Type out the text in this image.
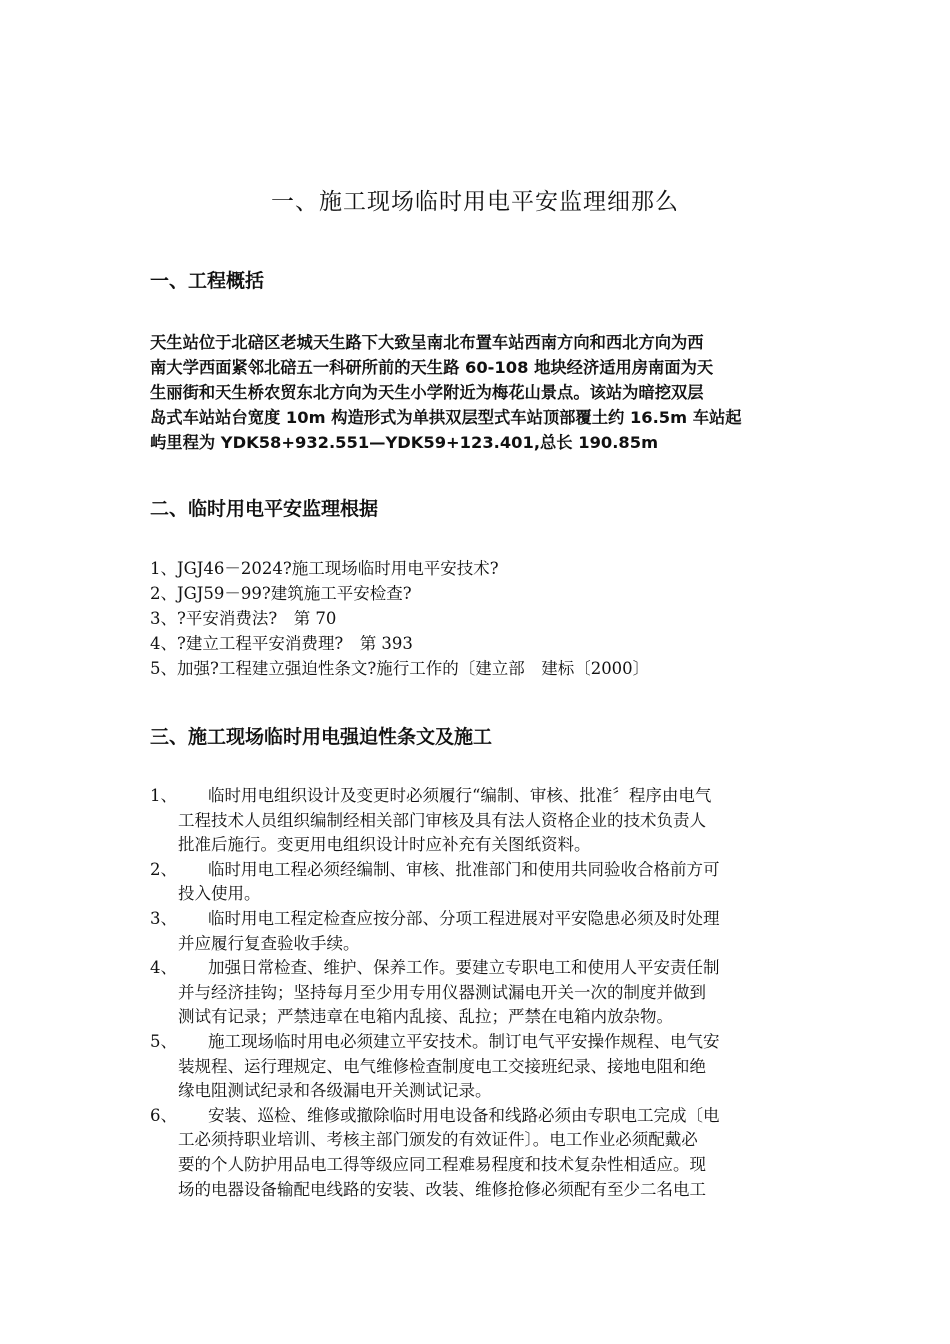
一、施工现场临时用电平安监理细那么
一、工程概括
天生站位于北碚区老城天生路下大致呈南北布置车站西南方向和西北方向为西
南大学西面紧邻北碚五一科研所前的天生路 60-108 地块经济适用房南面为天
生丽街和天生桥农贸东北方向为天生小学附近为梅花山景点。该站为暗挖双层
岛式车站站台宽度 10m 构造形式为单拱双层型式车站顶部覆土约 16.5m 车站起
屿里程为 YDK58+932.551—YDK59+123.401,总长 190.85m
二、临时用电平安监理根据
1、JGJ46－2024?施工现场临时用电平安技术?
2、JGJ59－99?建筑施工平安检查?
3、?平安消费法?　第 70
4、?建立工程平安消费理?　第 393
5、加强?工程建立强迫性条文?施行工作的〔建立部　建标〔2000〕
三、施工现场临时用电强迫性条文及施工
1、	临时用电组织设计及变更时必须履行“编制、审核、批准〞程序由电气
工程技术人员组织编制经相关部门审核及具有法人资格企业的技术负责人
批准后施行。变更用电组织设计时应补充有关图纸资料。
2、	临时用电工程必须经编制、审核、批准部门和使用共同验收合格前方可
投入使用。
3、	临时用电工程定检查应按分部、分项工程进展对平安隐患必须及时处理
并应履行复查验收手续。
4、	加强日常检查、维护、保养工作。要建立专职电工和使用人平安责任制
并与经济挂钩；坚持每月至少用专用仪器测试漏电开关一次的制度并做到
测试有记录；严禁违章在电箱内乱接、乱拉；严禁在电箱内放杂物。
5、	施工现场临时用电必须建立平安技术。制订电气平安操作规程、电气安
装规程、运行理规定、电气维修检查制度电工交接班纪录、接地电阻和绝
缘电阻测试纪录和各级漏电开关测试记录。
6、	安装、巡检、维修或撤除临时用电设备和线路必须由专职电工完成〔电
工必须持职业培训、考核主部门颁发的有效证件〕。电工作业必须配戴必
要的个人防护用品电工得等级应同工程难易程度和技术复杂性相适应。现
场的电器设备输配电线路的安装、改装、维修抢修必须配有至少二名电工
